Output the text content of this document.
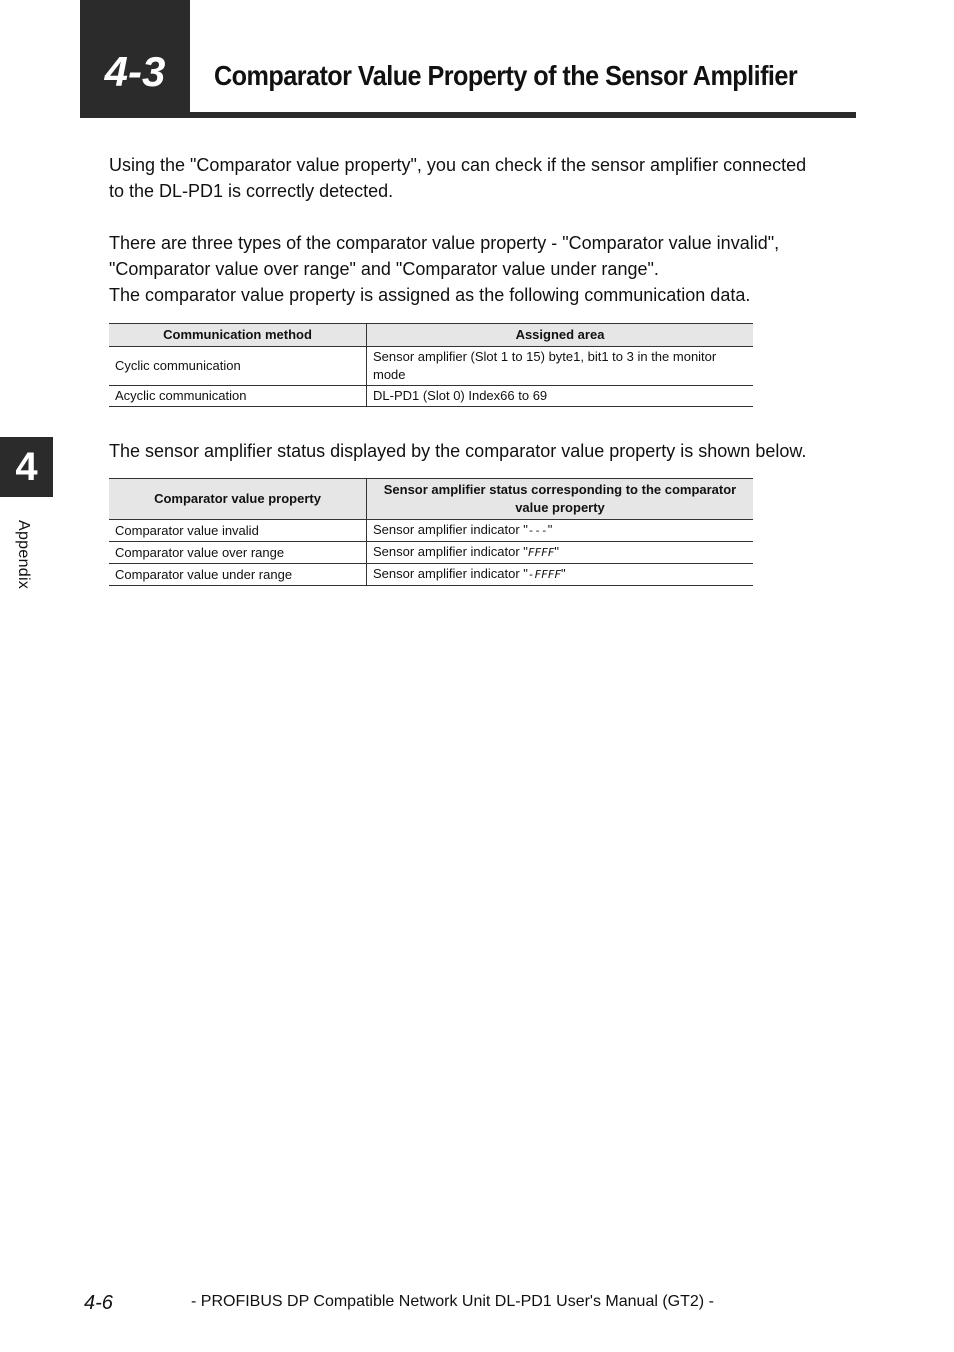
4-3	Comparator Value Property of the Sensor Amplifier
Using the "Comparator value property", you can check if the sensor amplifier connected
to the DL-PD1 is correctly detected.
There are three types of the comparator value property - "Comparator value invalid",
"Comparator value over range" and "Comparator value under range".
The comparator value property is assigned as the following communication data.
Communication method	Assigned area
Cyclic communication	Sensor amplifier (Slot 1 to 15) byte1, bit1 to 3 in the monitor mode
Acyclic communication	DL-PD1 (Slot 0) Index66 to 69
The sensor amplifier status displayed by the comparator value property is shown below.
Comparator value property	Sensor amplifier status corresponding to the comparator value property
Comparator value invalid	Sensor amplifier indicator "---"
Comparator value over range	Sensor amplifier indicator "FFFF"
Comparator value under range	Sensor amplifier indicator "-FFFF"
4
Appendix
4-6	- PROFIBUS DP Compatible Network Unit DL-PD1 User's Manual (GT2) -
